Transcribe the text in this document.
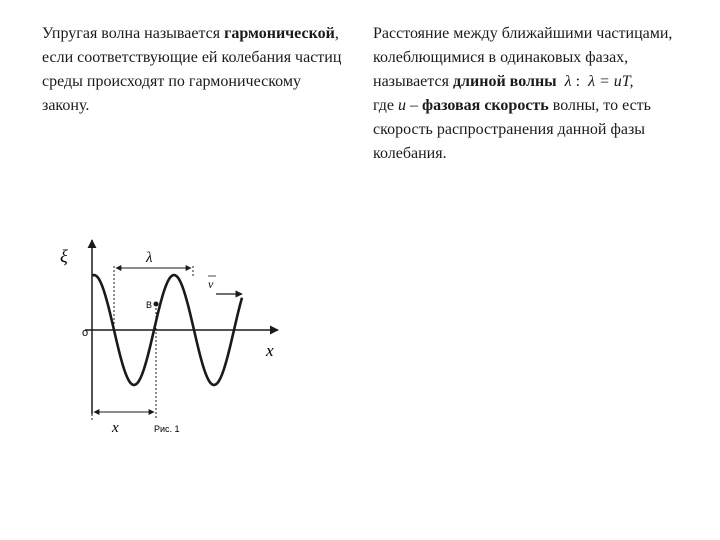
Упругая волна называется гармонической, если соответствующие ей колебания частиц среды происходят по гармоническому закону.

Расстояние между ближайшими частицами, колеблющимися в одинаковых фазах, называется длиной волны λ :  λ = uT,
где u – фазовая скорость волны, то есть скорость распространения данной фазы колебания.

ξ
x
о
λ
v
B
x	Рис. 1
